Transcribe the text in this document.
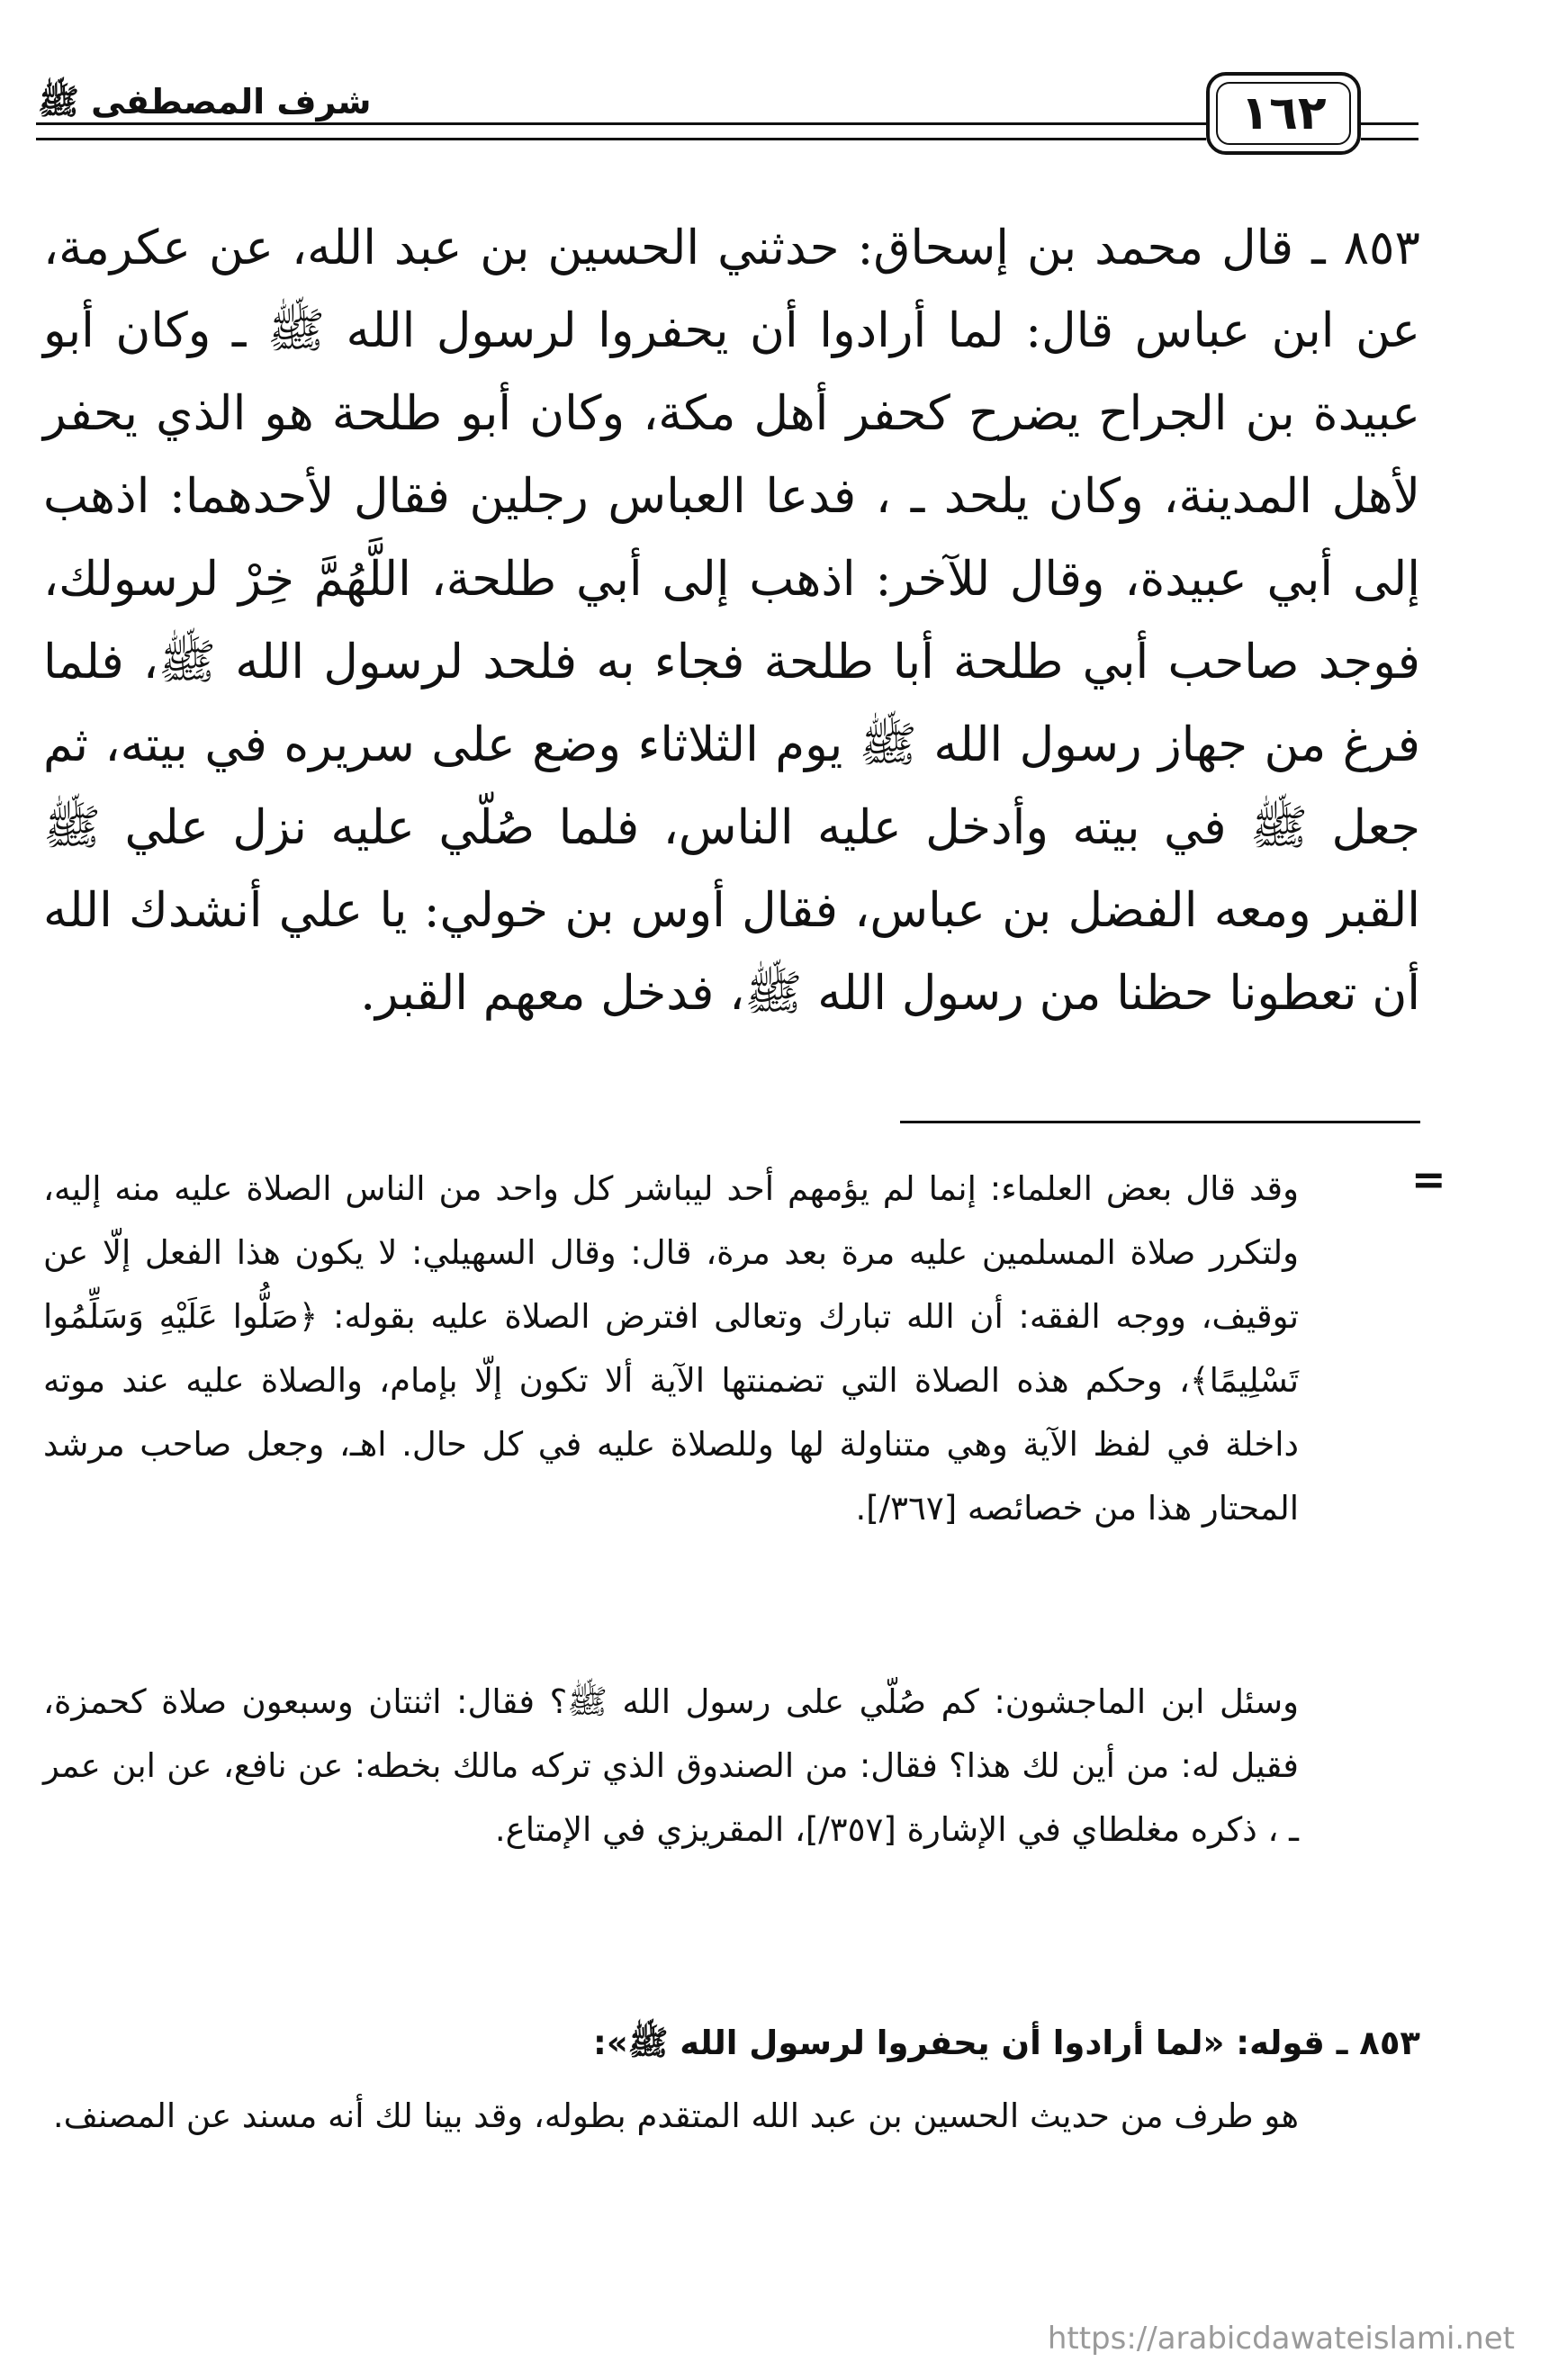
شرف المصطفى ﷺ	١٦٢
٨٥٣ ـ قال محمد بن إسحاق: حدثني الحسين بن عبد الله، عن عكرمة، عن ابن عباس قال: لما أرادوا أن يحفروا لرسول الله ﷺ ـ وكان أبو عبيدة بن الجراح يضرح كحفر أهل مكة، وكان أبو طلحة هو الذي يحفر لأهل المدينة، وكان يلحد ـ ، فدعا العباس رجلين فقال لأحدهما: اذهب إلى أبي عبيدة، وقال للآخر: اذهب إلى أبي طلحة، اللَّهُمَّ خِرْ لرسولك، فوجد صاحب أبي طلحة أبا طلحة فجاء به فلحد لرسول الله ﷺ، فلما فرغ من جهاز رسول الله ﷺ يوم الثلاثاء وضع على سريره في بيته، ثم جعل ﷺ في بيته وأدخل عليه الناس، فلما صُلّي عليه نزل علي ﷺ القبر ومعه الفضل بن عباس، فقال أوس بن خولي: يا علي أنشدك الله أن تعطونا حظنا من رسول الله ﷺ، فدخل معهم القبر.
=
وقد قال بعض العلماء: إنما لم يؤمهم أحد ليباشر كل واحد من الناس الصلاة عليه منه إليه، ولتكرر صلاة المسلمين عليه مرة بعد مرة، قال: وقال السهيلي: لا يكون هذا الفعل إلّا عن توقيف، ووجه الفقه: أن الله تبارك وتعالى افترض الصلاة عليه بقوله: ﴿صَلُّوا عَلَيْهِ وَسَلِّمُوا تَسْلِيمًا﴾، وحكم هذه الصلاة التي تضمنتها الآية ألا تكون إلّا بإمام، والصلاة عليه عند موته داخلة في لفظ الآية وهي متناولة لها وللصلاة عليه في كل حال. اهـ، وجعل صاحب مرشد المحتار هذا من خصائصه [٣٦٧/].
وسئل ابن الماجشون: كم صُلّي على رسول الله ﷺ؟ فقال: اثنتان وسبعون صلاة كحمزة، فقيل له: من أين لك هذا؟ فقال: من الصندوق الذي تركه مالك بخطه: عن نافع، عن ابن عمر ـ ، ذكره مغلطاي في الإشارة [٣٥٧/]، المقريزي في الإمتاع.
٨٥٣ ـ قوله: «لما أرادوا أن يحفروا لرسول الله ﷺ»:
هو طرف من حديث الحسين بن عبد الله المتقدم بطوله، وقد بينا لك أنه مسند عن المصنف.
https://arabicdawateislami.net
